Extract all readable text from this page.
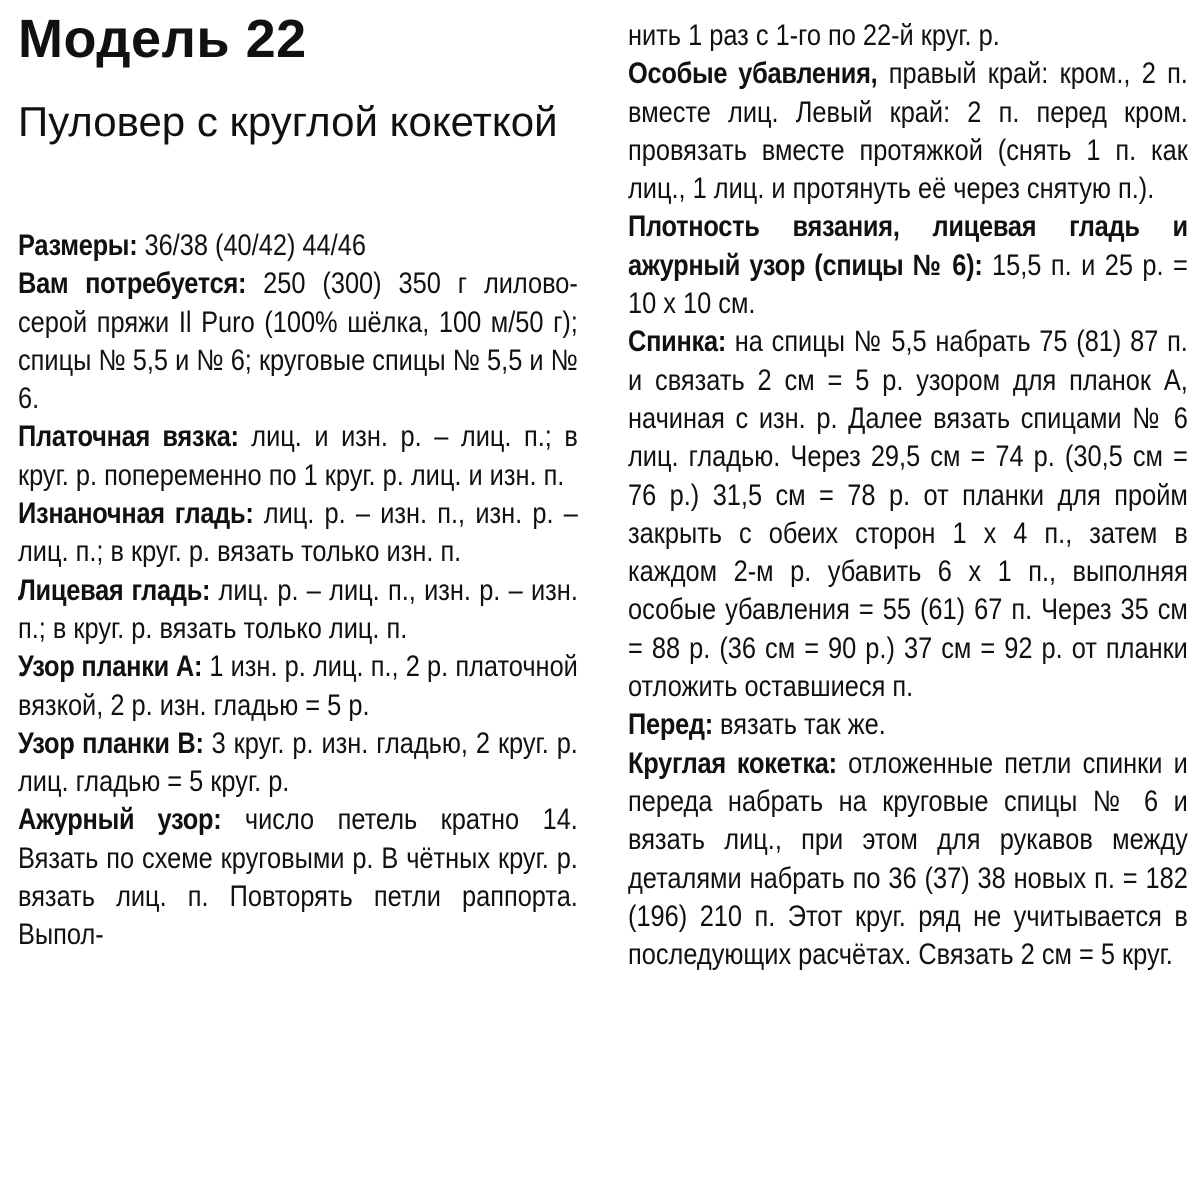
Модель 22
Пуловер с круглой кокеткой

Размеры: 36/38 (40/42) 44/46

Вам потребуется: 250 (300) 350 г лилово-серой пряжи Il Puro (100% шёлка, 100 м/50 г); спицы № 5,5 и № 6; круговые спицы № 5,5 и № 6.

Платочная вязка: лиц. и изн. р. – лиц. п.; в круг. р. попеременно по 1 круг. р. лиц. и изн. п.

Изнаночная гладь: лиц. р. – изн. п., изн. р. – лиц. п.; в круг. р. вязать только изн. п.

Лицевая гладь: лиц. р. – лиц. п., изн. р. – изн. п.; в круг. р. вязать только лиц. п.

Узор планки А: 1 изн. р. лиц. п., 2 р. платочной вязкой, 2 р. изн. гладью = 5 р.

Узор планки В: 3 круг. р. изн. гладью, 2 круг. р. лиц. гладью = 5 круг. р.

Ажурный узор: число петель кратно 14. Вязать по схеме круговыми р. В чётных круг. р. вязать лиц. п. Повторять петли раппорта. Выпол-

нить 1 раз с 1-го по 22-й круг. р.

Особые убавления, правый край: кром., 2 п. вместе лиц. Левый край: 2 п. перед кром. провязать вместе протяжкой (снять 1 п. как лиц., 1 лиц. и протянуть её через снятую п.).

Плотность вязания, лицевая гладь и ажурный узор (спицы № 6): 15,5 п. и 25 р. = 10 х 10 см.

Спинка: на спицы № 5,5 набрать 75 (81) 87 п. и связать 2 см = 5 р. узором для планок А, начиная с изн. р. Далее вязать спицами № 6 лиц. гладью. Через 29,5 см = 74 р. (30,5 см = 76 р.) 31,5 см = 78 р. от планки для пройм закрыть с обеих сторон 1 х 4 п., затем в каждом 2-м р. убавить 6 х 1 п., выполняя особые убавления = 55 (61) 67 п. Через 35 см = 88 р. (36 см = 90 р.) 37 см = 92 р. от планки отложить оставшиеся п.

Перед: вязать так же.

Круглая кокетка: отложенные петли спинки и переда набрать на круговые спицы № 6 и вязать лиц., при этом для рукавов между деталями набрать по 36 (37) 38 новых п. = 182 (196) 210 п. Этот круг. ряд не учитывается в последующих расчётах. Связать 2 см = 5 круг.
